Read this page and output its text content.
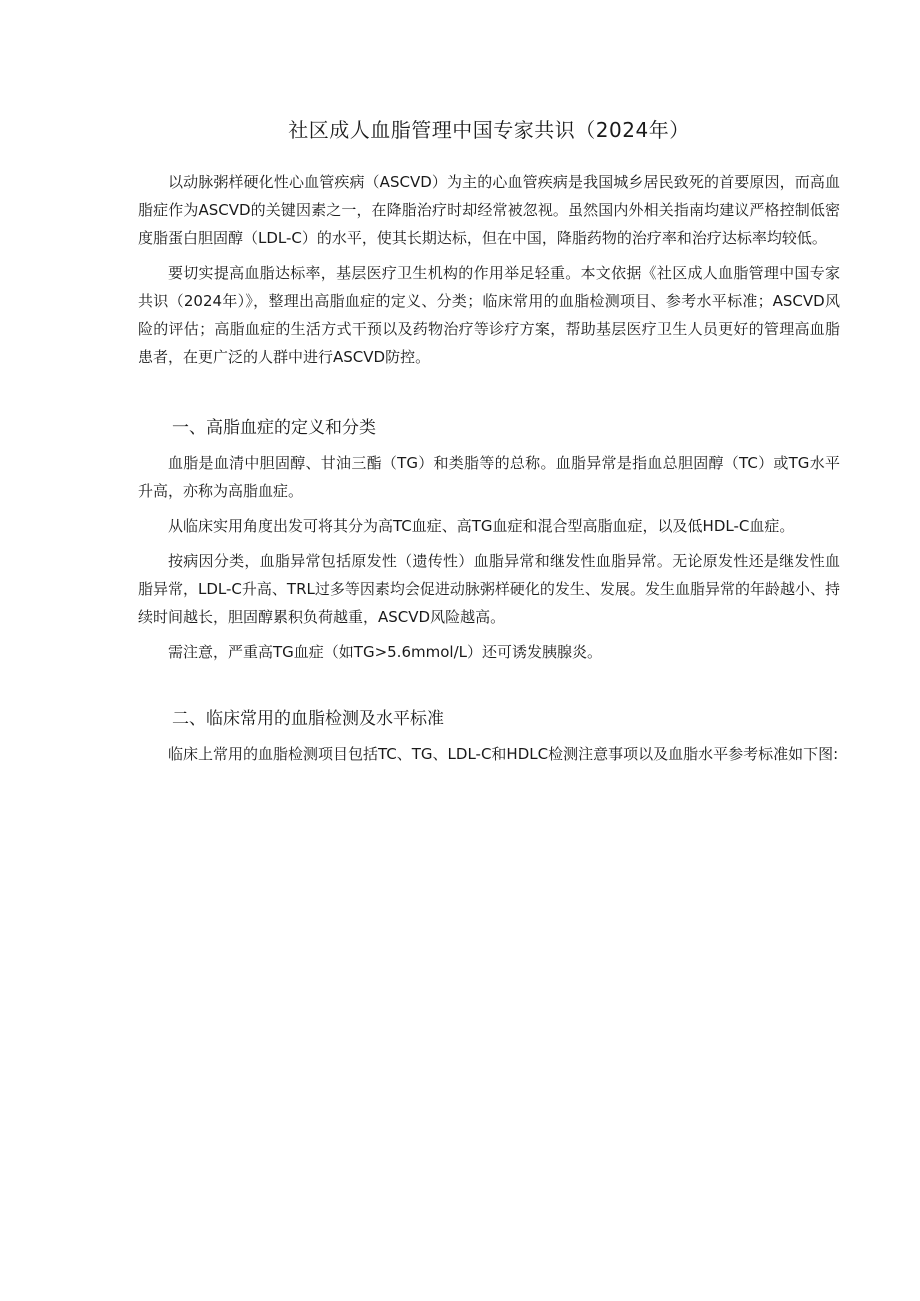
社区成人血脂管理中国专家共识（2024年）

以动脉粥样硬化性心血管疾病（ASCVD）为主的心血管疾病是我国城乡居民致死的首要原因，而高血脂症作为ASCVD的关键因素之一，在降脂治疗时却经常被忽视。虽然国内外相关指南均建议严格控制低密度脂蛋白胆固醇（LDL-C）的水平，使其长期达标，但在中国，降脂药物的治疗率和治疗达标率均较低。

要切实提高血脂达标率，基层医疗卫生机构的作用举足轻重。本文依据《社区成人血脂管理中国专家共识（2024年）》，整理出高脂血症的定义、分类；临床常用的血脂检测项目、参考水平标准；ASCVD风险的评估；高脂血症的生活方式干预以及药物治疗等诊疗方案，帮助基层医疗卫生人员更好的管理高血脂患者，在更广泛的人群中进行ASCVD防控。

一、高脂血症的定义和分类

血脂是血清中胆固醇、甘油三酯（TG）和类脂等的总称。血脂异常是指血总胆固醇（TC）或TG水平升高，亦称为高脂血症。

从临床实用角度出发可将其分为高TC血症、高TG血症和混合型高脂血症，以及低HDL-C血症。

按病因分类，血脂异常包括原发性（遗传性）血脂异常和继发性血脂异常。无论原发性还是继发性血脂异常，LDL-C升高、TRL过多等因素均会促进动脉粥样硬化的发生、发展。发生血脂异常的年龄越小、持续时间越长，胆固醇累积负荷越重，ASCVD风险越高。

需注意，严重高TG血症（如TG>5.6mmol/L）还可诱发胰腺炎。

二、临床常用的血脂检测及水平标准

临床上常用的血脂检测项目包括TC、TG、LDL-C和HDLC检测注意事项以及血脂水平参考标准如下图:
